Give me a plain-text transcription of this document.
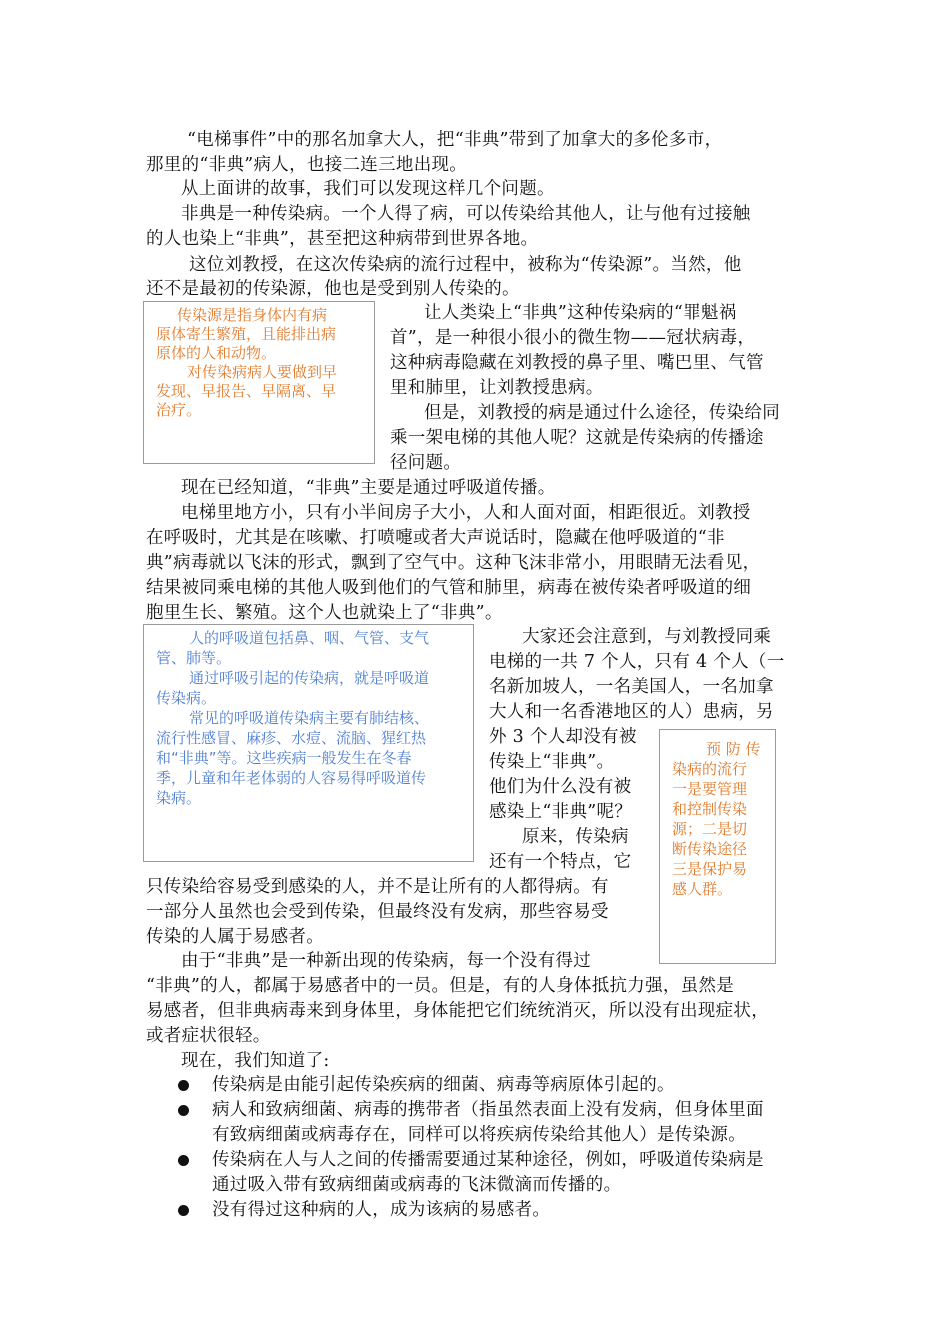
“电梯事件”中的那名加拿大人，把“非典”带到了加拿大的多伦多市，
那里的“非典”病人，也接二连三地出现。
从上面讲的故事，我们可以发现这样几个问题。
非典是一种传染病。一个人得了病，可以传染给其他人，让与他有过接触
的人也染上“非典”，甚至把这种病带到世界各地。
这位刘教授，在这次传染病的流行过程中，被称为“传染源”。当然，他
还不是最初的传染源，他也是受到别人传染的。
让人类染上“非典”这种传染病的“罪魁祸
首”，是一种很小很小的微生物——冠状病毒，
这种病毒隐藏在刘教授的鼻子里、嘴巴里、气管
里和肺里，让刘教授患病。
但是，刘教授的病是通过什么途径，传染给同
乘一架电梯的其他人呢？这就是传染病的传播途
径问题。
现在已经知道，“非典”主要是通过呼吸道传播。
电梯里地方小，只有小半间房子大小，人和人面对面，相距很近。刘教授
在呼吸时，尤其是在咳嗽、打喷嚏或者大声说话时，隐藏在他呼吸道的“非
典”病毒就以飞沫的形式，飘到了空气中。这种飞沫非常小，用眼睛无法看见，
结果被同乘电梯的其他人吸到他们的气管和肺里，病毒在被传染者呼吸道的细
胞里生长、繁殖。这个人也就染上了“非典”。
大家还会注意到，与刘教授同乘
电梯的一共 7 个人，只有 4 个人（一
名新加坡人，一名美国人，一名加拿
大人和一名香港地区的人）患病，另
外 3 个人却没有被
传染上“非典”。
他们为什么没有被
感染上“非典”呢？
原来，传染病
还有一个特点，它
只传染给容易受到感染的人，并不是让所有的人都得病。有
一部分人虽然也会受到传染，但最终没有发病，那些容易受
传染的人属于易感者。
由于“非典”是一种新出现的传染病，每一个没有得过
“非典”的人，都属于易感者中的一员。但是，有的人身体抵抗力强，虽然是
易感者，但非典病毒来到身体里，身体能把它们统统消灭，所以没有出现症状，
或者症状很轻。
现在，我们知道了:
传染病是由能引起传染疾病的细菌、病毒等病原体引起的。
病人和致病细菌、病毒的携带者（指虽然表面上没有发病，但身体里面
有致病细菌或病毒存在，同样可以将疾病传染给其他人）是传染源。
传染病在人与人之间的传播需要通过某种途径，例如，呼吸道传染病是
通过吸入带有致病细菌或病毒的飞沫微滴而传播的。
没有得过这种病的人，成为该病的易感者。
传染源是指身体内有病
原体寄生繁殖，且能排出病
原体的人和动物。
对传染病病人要做到早
发现、早报告、早隔离、早
治疗。
人的呼吸道包括鼻、咽、气管、支气
管、肺等。
通过呼吸引起的传染病，就是呼吸道
传染病。
常见的呼吸道传染病主要有肺结核、
流行性感冒、麻疹、水痘、流脑、猩红热
和“非典”等。这些疾病一般发生在冬春
季，儿童和年老体弱的人容易得呼吸道传
染病。
预 防 传
染病的流行
一是要管理
和控制传染
源；二是切
断传染途径
三是保护易
感人群。
